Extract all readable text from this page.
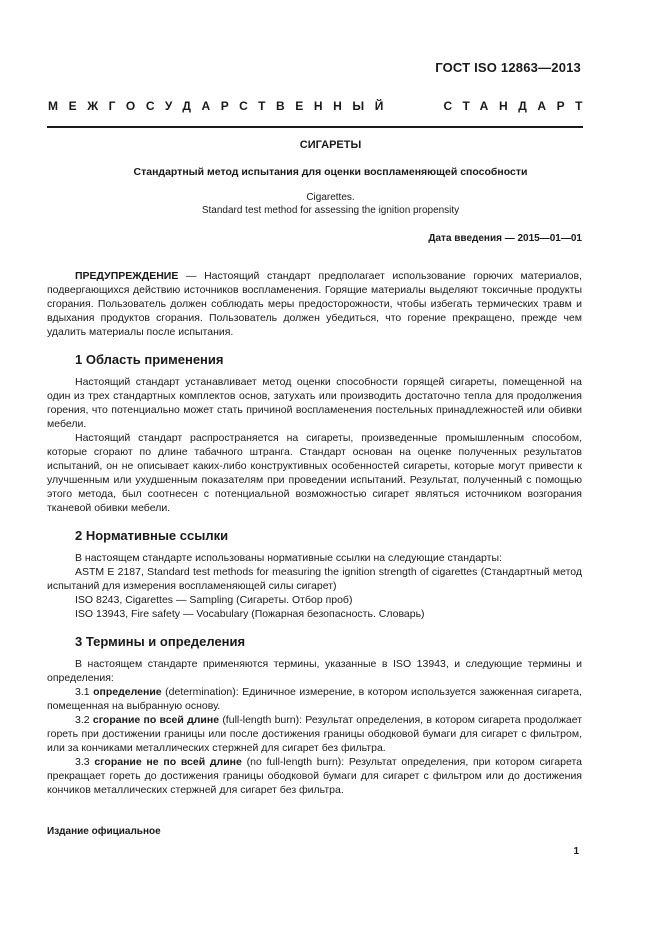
ГОСТ ISO 12863—2013
МЕЖГОСУДАРСТВЕННЫЙ	СТАНДАРТ
СИГАРЕТЫ
Стандартный метод испытания для оценки воспламеняющей способности
Cigarettes.
Standard test method for assessing the ignition propensity
Дата введения — 2015—01—01

ПРЕДУПРЕЖДЕНИЕ — Настоящий стандарт предполагает использование горючих материалов, подвергающихся действию источников воспламенения. Горящие материалы выделяют токсичные продукты сгорания. Пользователь должен соблюдать меры предосторожности, чтобы избегать термических травм и вдыхания продуктов сгорания. Пользователь должен убедиться, что горение прекращено, прежде чем удалить материалы после испытания.

1 Область применения

Настоящий стандарт устанавливает метод оценки способности горящей сигареты, помещенной на один из трех стандартных комплектов основ, затухать или производить достаточно тепла для продолжения горения, что потенциально может стать причиной воспламенения постельных принадлежностей или обивки мебели.

Настоящий стандарт распространяется на сигареты, произведенные промышленным способом, которые сгорают по длине табачного штранга. Стандарт основан на оценке полученных результатов испытаний, он не описывает каких-либо конструктивных особенностей сигареты, которые могут привести к улучшенным или ухудшенным показателям при проведении испытаний. Результат, полученный с помощью этого метода, был соотнесен с потенциальной возможностью сигарет являться источником возгорания тканевой обивки мебели.

2 Нормативные ссылки

В настоящем стандарте использованы нормативные ссылки на следующие стандарты:

ASTM E 2187, Standard test methods for measuring the ignition strength of cigarettes (Стандартный метод испытаний для измерения воспламеняющей силы сигарет)

ISO 8243, Cigarettes — Sampling (Сигареты. Отбор проб)

ISO 13943, Fire safety — Vocabulary (Пожарная безопасность. Словарь)

3 Термины и определения

В настоящем стандарте применяются термины, указанные в ISO 13943, и следующие термины и определения:

3.1 определение (determination): Единичное измерение, в котором используется зажженная сигарета, помещенная на выбранную основу.

3.2 сгорание по всей длине (full-length burn): Результат определения, в котором сигарета продолжает гореть при достижении границы или после достижения границы ободковой бумаги для сигарет с фильтром, или за кончиками металлических стержней для сигарет без фильтра.

3.3 сгорание не по всей длине (no full-length burn): Результат определения, при котором сигарета прекращает гореть до достижения границы ободковой бумаги для сигарет с фильтром или до достижения кончиков металлических стержней для сигарет без фильтра.

Издание официальное
1
